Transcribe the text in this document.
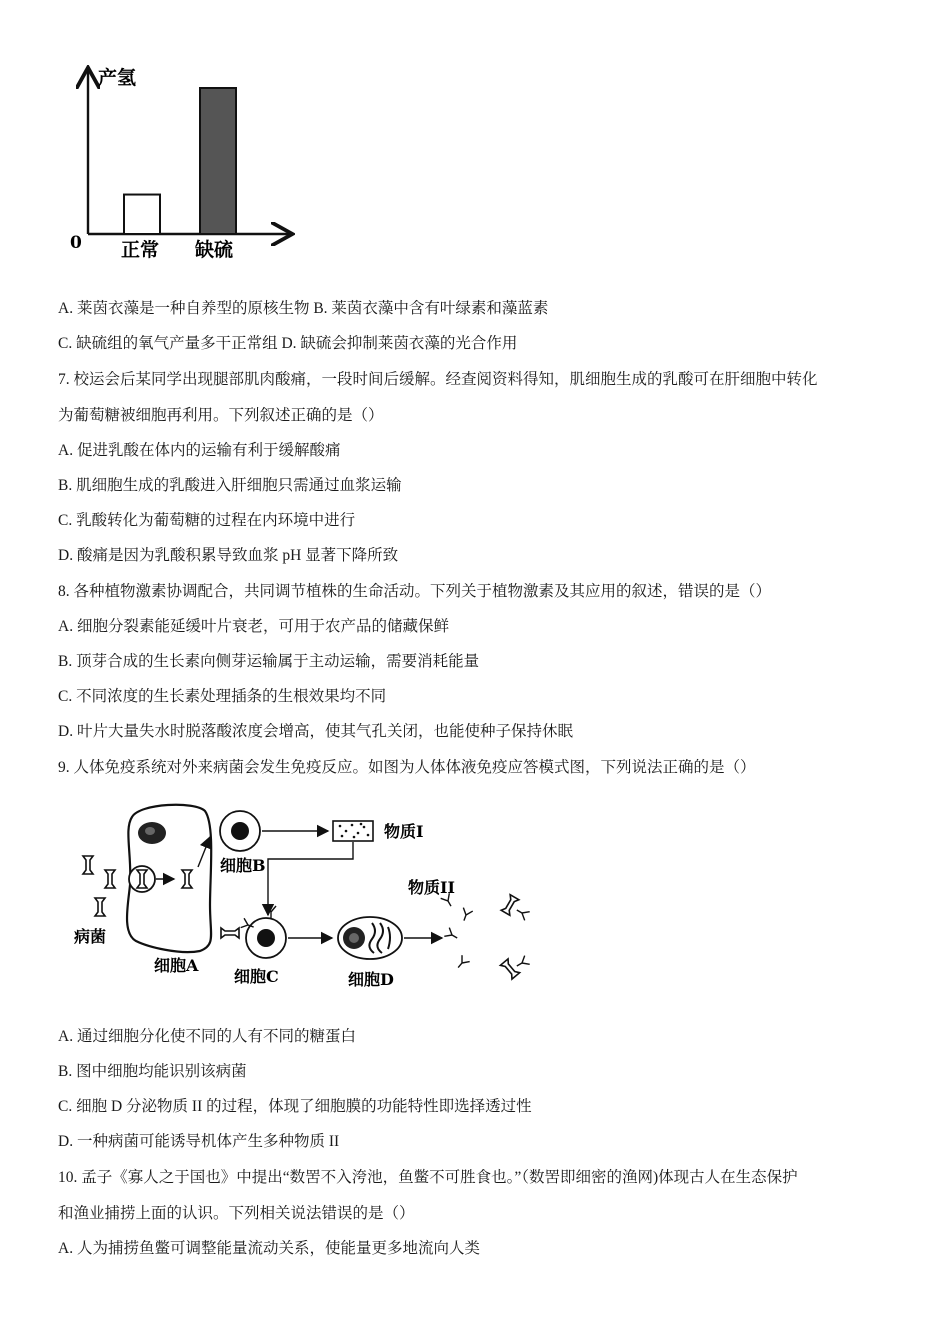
产氢
0 正常 缺硫
A. 莱茵衣藻是一种自养型的原核生物 B. 莱茵衣藻中含有叶绿素和藻蓝素
C. 缺硫组的氧气产量多干正常组 D. 缺硫会抑制莱茵衣藻的光合作用
7. 校运会后某同学出现腿部肌肉酸痛，一段时间后缓解。经查阅资料得知，肌细胞生成的乳酸可在肝细胞中转化
为葡萄糖被细胞再利用。下列叙述正确的是（）
A. 促进乳酸在体内的运输有利于缓解酸痛
B. 肌细胞生成的乳酸进入肝细胞只需通过血浆运输
C. 乳酸转化为葡萄糖的过程在内环境中进行
D. 酸痛是因为乳酸积累导致血浆 pH 显著下降所致
8. 各种植物激素协调配合，共同调节植株的生命活动。下列关于植物激素及其应用的叙述，错误的是（）
A. 细胞分裂素能延缓叶片衰老，可用于农产品的储藏保鲜
B. 顶芽合成的生长素向侧芽运输属于主动运输，需要消耗能量
C. 不同浓度的生长素处理插条的生根效果均不同
D. 叶片大量失水时脱落酸浓度会增高，使其气孔关闭，也能使种子保持休眠
9. 人体免疫系统对外来病菌会发生免疫反应。如图为人体体液免疫应答模式图，下列说法正确的是（）
病菌
细胞A
细胞B
物质Ⅰ
细胞C	细胞D
物质ⅠⅠ
A. 通过细胞分化使不同的人有不同的糖蛋白
B. 图中细胞均能识别该病菌
C. 细胞 D 分泌物质 II 的过程，体现了细胞膜的功能特性即选择透过性
D. 一种病菌可能诱导机体产生多种物质 II
10. 孟子《寡人之于国也》中提出“数罟不入洿池，鱼鳖不可胜食也。”（数罟即细密的渔网)体现古人在生态保护
和渔业捕捞上面的认识。下列相关说法错误的是（）
A. 人为捕捞鱼鳖可调整能量流动关系，使能量更多地流向人类
